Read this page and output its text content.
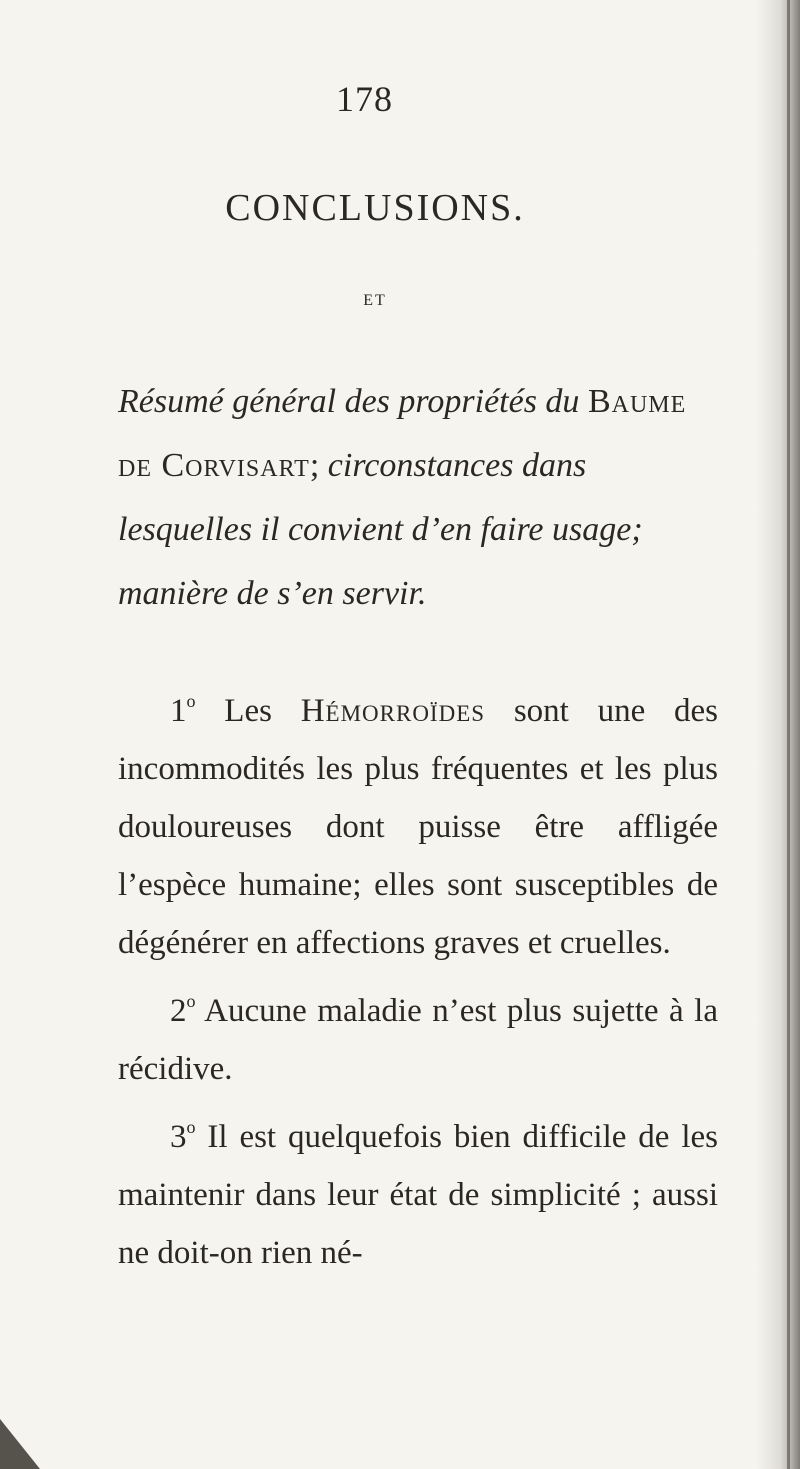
178
CONCLUSIONS.
ET
Résumé général des propriétés du Baume de Corvisart; circonstances dans lesquelles il convient d’en faire usage; manière de s’en servir.

1$^o$ Les Hémorroïdes sont une des incommodités les plus fréquentes et les plus douloureuses dont puisse être affligée l’espèce humaine; elles sont susceptibles de dégénérer en affections graves et cruelles.

2$^o$ Aucune maladie n’est plus sujette à la récidive.

3$^o$ Il est quelquefois bien difficile de les maintenir dans leur état de simplicité ; aussi ne doit-on rien né-
